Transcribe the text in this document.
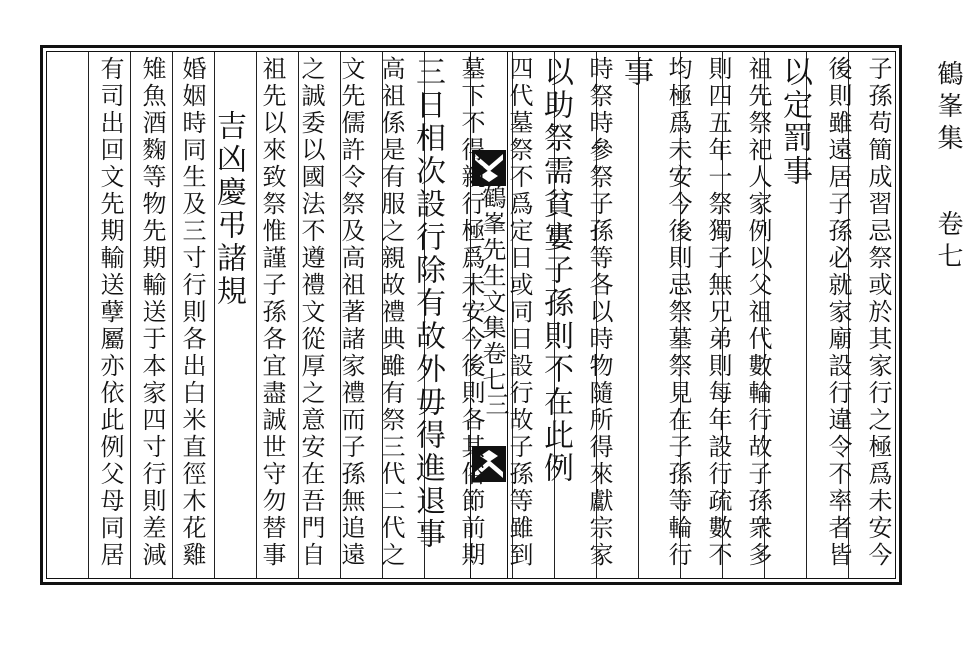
鶴峯集
卷七
鶴峯先生文集卷七
三	子孫苟簡成習忌祭或於其家行之極爲未安今
後則雖遠居子孫必就家廟設行違令不率者皆
以定罰事
祖先祭祀人家例以父祖代數輪行故子孫衆多
則四五年一祭獨子無兄弟則每年設行疏數不
均極爲未安今後則忌祭墓祭見在子孫等輪行
事
時祭時參祭子孫等各以時物隨所得來獻宗家
以助祭需貧寠子孫則不在此例
四代墓祭不爲定日或同日設行故子孫等雖到
墓下不得親行極爲未安今後則各其俗節前期
三日相次設行除有故外毋得進退事
高祖係是有服之親故禮典雖有祭三代二代之
文先儒許令祭及高祖著諸家禮而子孫無追遠
之誠委以國法不遵禮文從厚之意安在吾門自
祖先以來致祭惟謹子孫各宜盡誠世守勿替事
吉凶慶弔諸規
婚姻時同生及三寸行則各出白米直徑木花雞
雉魚酒麴等物先期輸送于本家四寸行則差減
有司出回文先期輸送孽屬亦依此例父母同居
